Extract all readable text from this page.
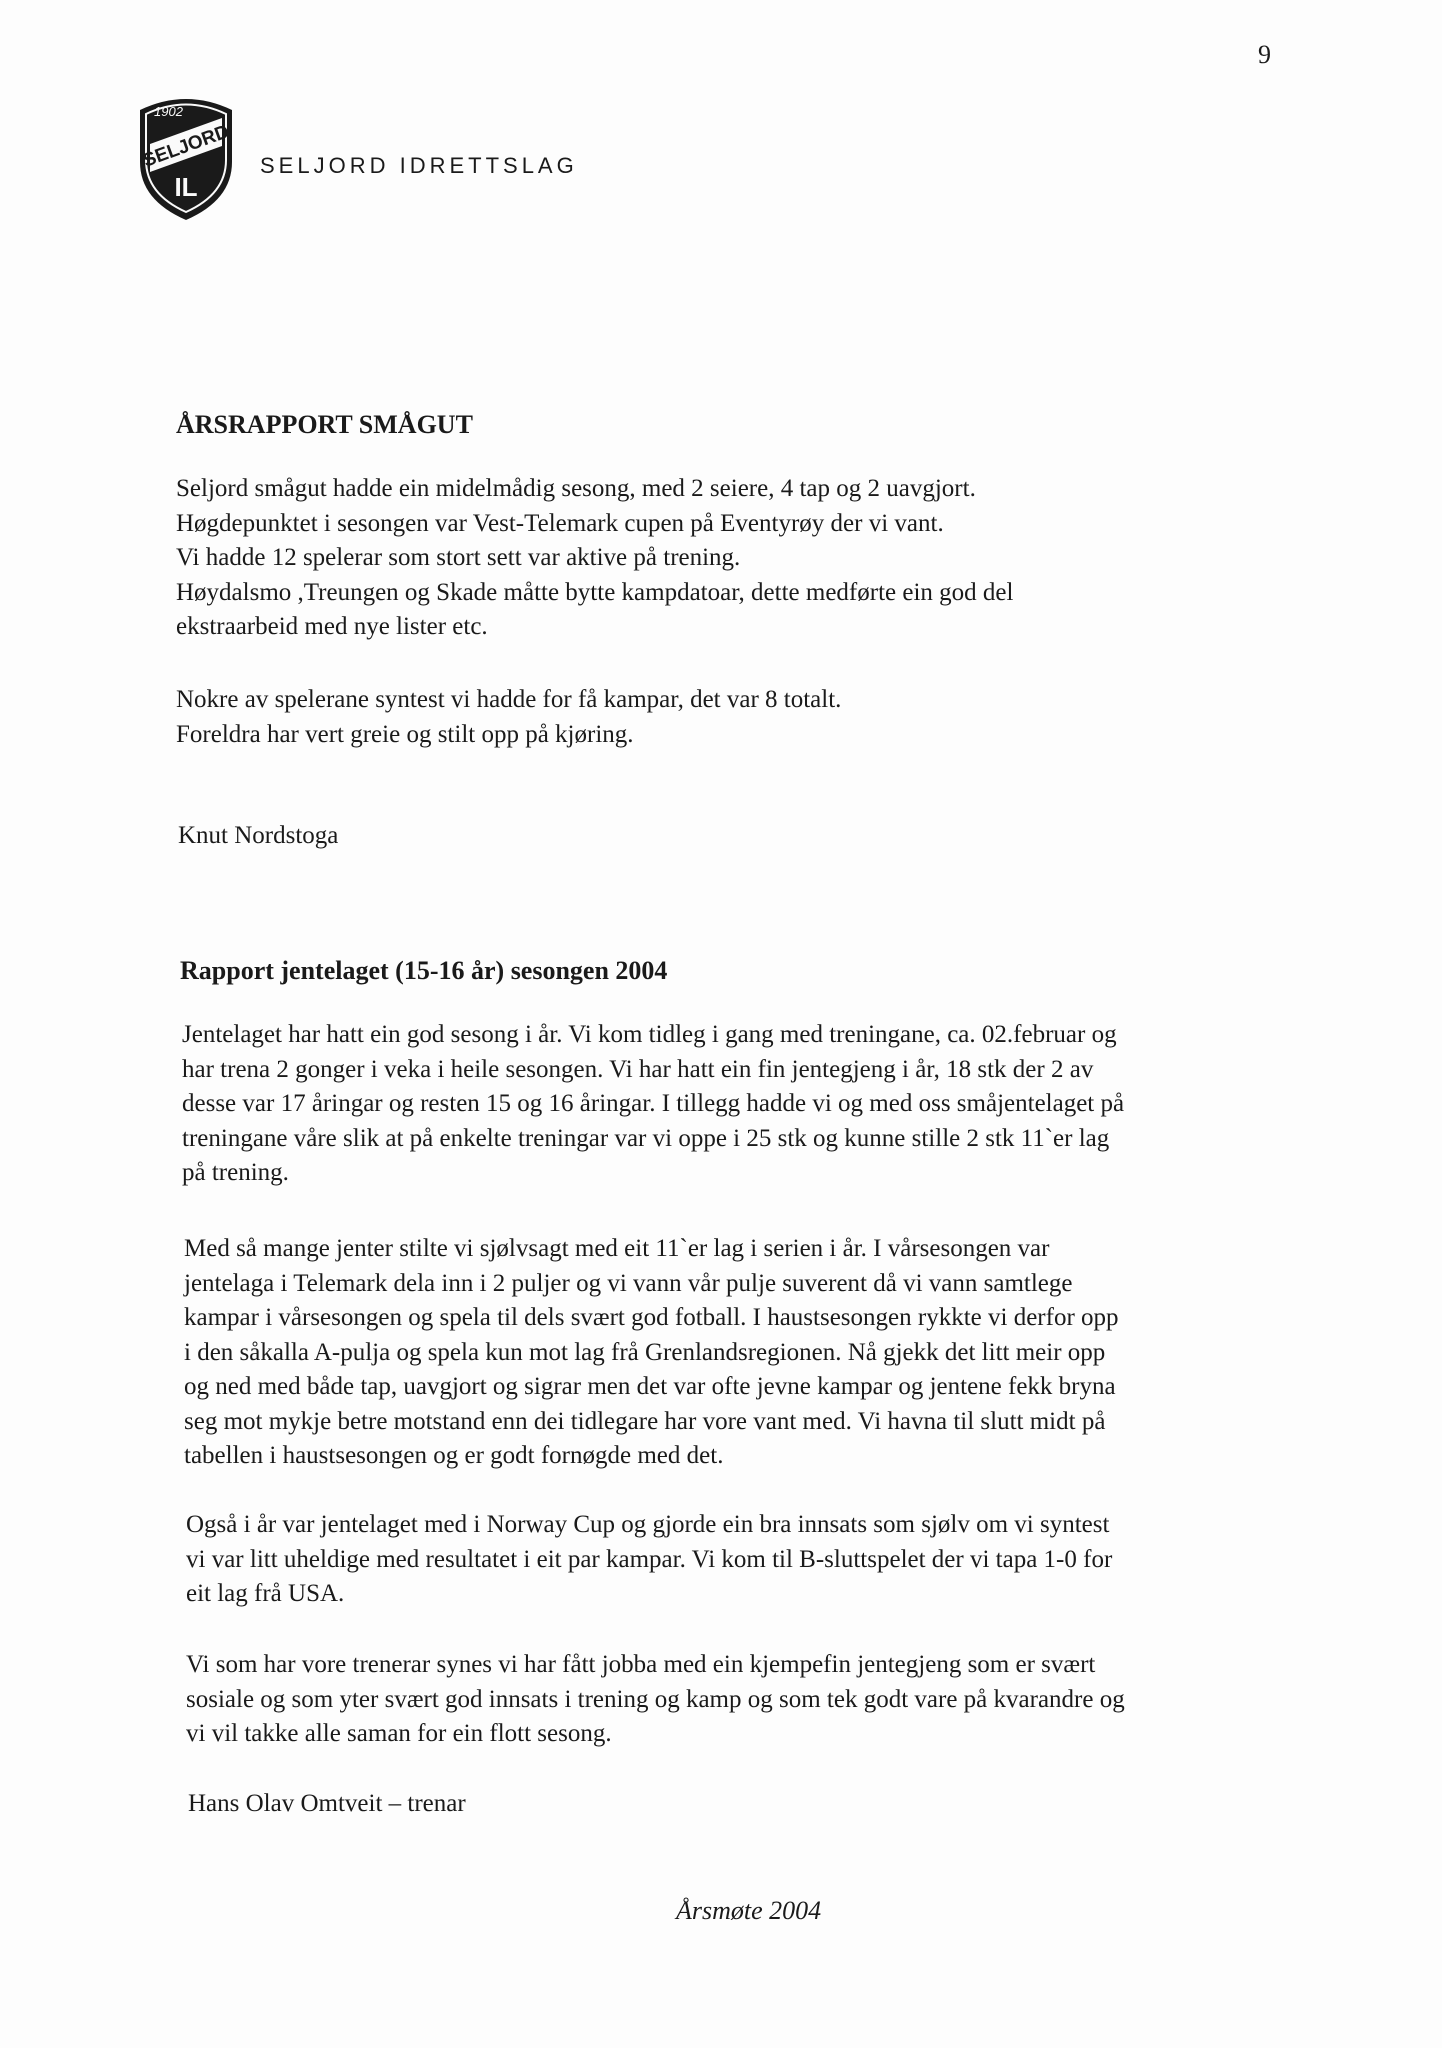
9
1902
SELJORD
IL
SELJORD IDRETTSLAG
ÅRSRAPPORT SMÅGUT

Seljord smågut hadde ein midelmådig sesong, med 2 seiere, 4 tap og 2 uavgjort.
Høgdepunktet i sesongen var Vest-Telemark cupen på Eventyrøy der vi vant.
Vi hadde 12 spelerar som stort sett var aktive på trening.
Høydalsmo ,Treungen og Skade måtte bytte kampdatoar, dette medførte ein god del
ekstraarbeid med nye lister etc.

Nokre av spelerane syntest vi hadde for få kampar, det var 8 totalt.
Foreldra har vert greie og stilt opp på kjøring.

Knut Nordstoga
Rapport jentelaget (15-16 år) sesongen 2004

Jentelaget har hatt ein god sesong i år. Vi kom tidleg i gang med treningane, ca. 02.februar og
har trena 2 gonger i veka i heile sesongen. Vi har hatt ein fin jentegjeng i år, 18 stk der 2 av
desse var 17 åringar og resten 15 og 16 åringar. I tillegg hadde vi og med oss småjentelaget på
treningane våre slik at på enkelte treningar var vi oppe i 25 stk og kunne stille 2 stk 11`er lag
på trening.

Med så mange jenter stilte vi sjølvsagt med eit 11`er lag i serien i år. I vårsesongen var
jentelaga i Telemark dela inn i 2 puljer og vi vann vår pulje suverent då vi vann samtlege
kampar i vårsesongen og spela til dels svært god fotball. I haustsesongen rykkte vi derfor opp
i den såkalla A-pulja og spela kun mot lag frå Grenlandsregionen. Nå gjekk det litt meir opp
og ned med både tap, uavgjort og sigrar men det var ofte jevne kampar og jentene fekk bryna
seg mot mykje betre motstand enn dei tidlegare har vore vant med. Vi havna til slutt midt på
tabellen i haustsesongen og er godt fornøgde med det.

Også i år var jentelaget med i Norway Cup og gjorde ein bra innsats som sjølv om vi syntest
vi var litt uheldige med resultatet i eit par kampar. Vi kom til B-sluttspelet der vi tapa 1-0 for
eit lag frå USA.

Vi som har vore trenerar synes vi har fått jobba med ein kjempefin jentegjeng som er svært
sosiale og som yter svært god innsats i trening og kamp og som tek godt vare på kvarandre og
vi vil takke alle saman for ein flott sesong.

Hans Olav Omtveit – trenar
Årsmøte 2004
